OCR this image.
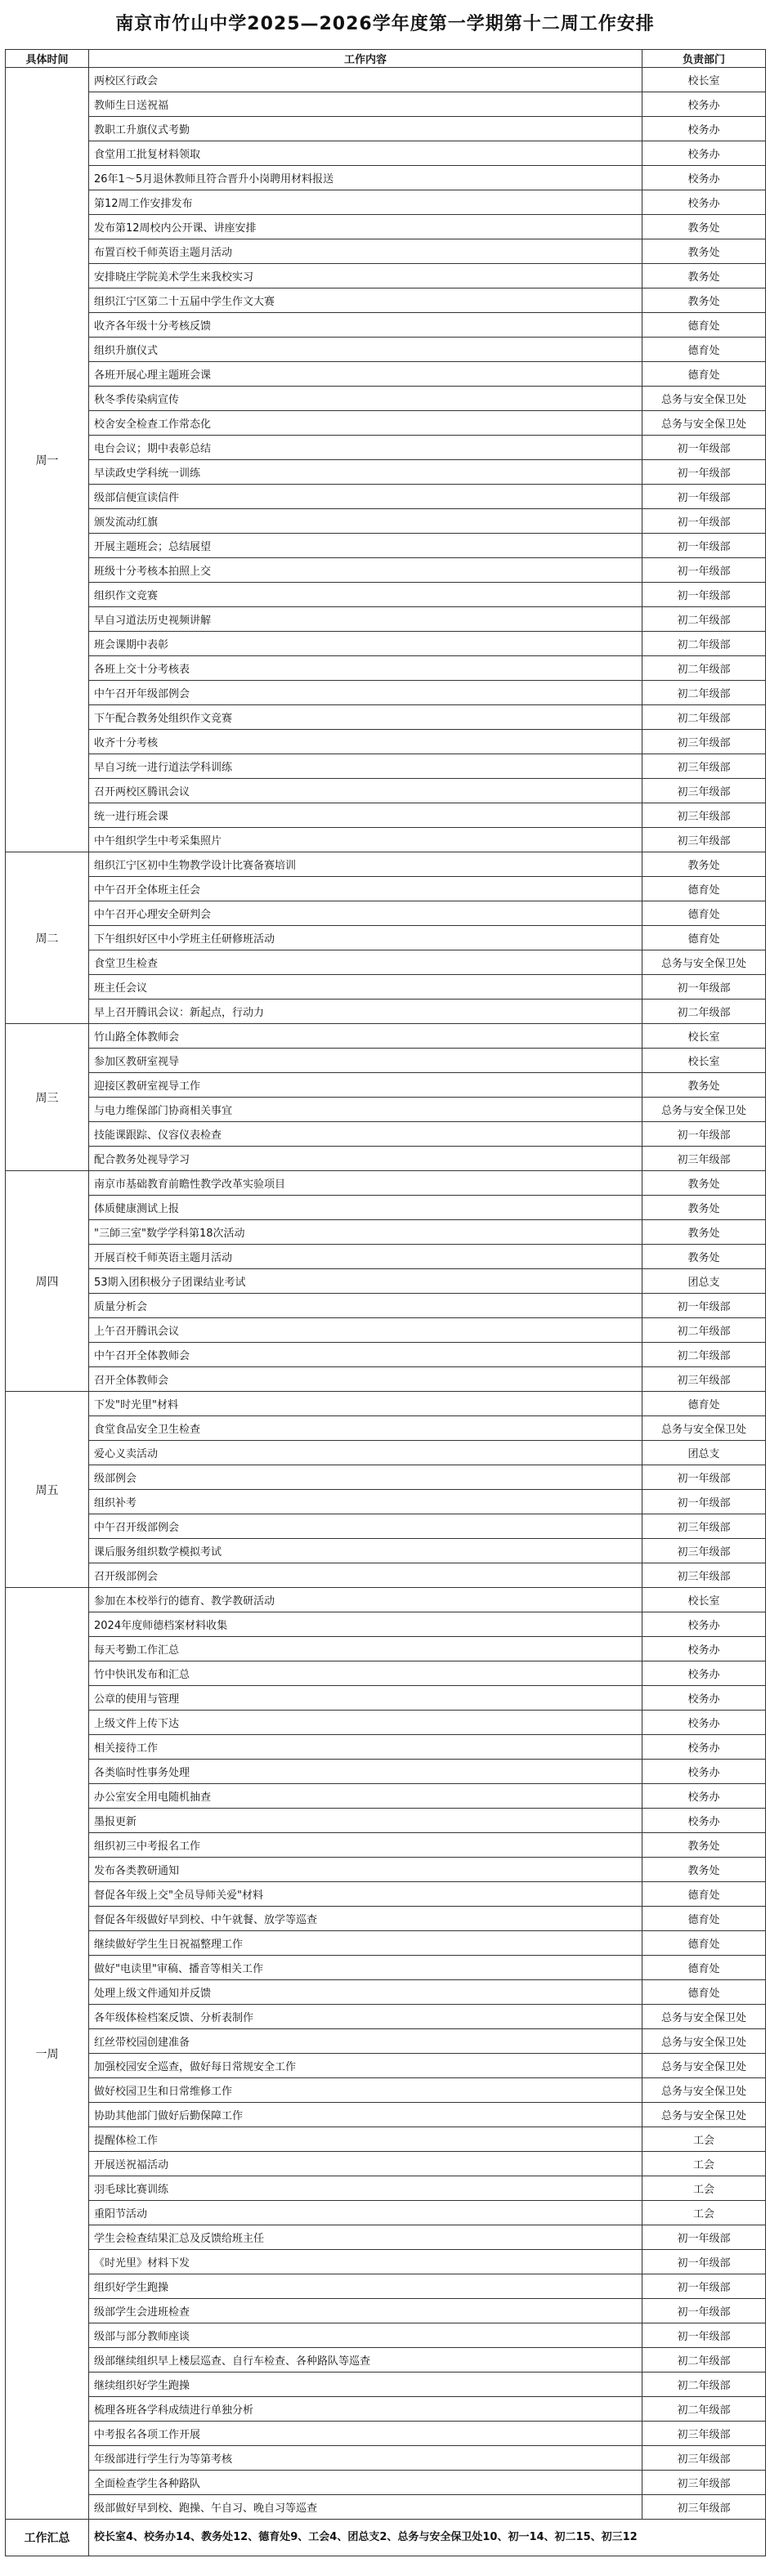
南京市竹山中学2025—2026学年度第一学期第十二周工作安排
具体时间	工作内容	负责部门
周一	两校区行政会	校长室
	教师生日送祝福	校务办
	教职工升旗仪式考勤	校务办
	食堂用工批复材料领取	校务办
	26年1～5月退休教师且符合晋升小岗聘用材料报送	校务办
	第12周工作安排发布	校务办
	发布第12周校内公开课、讲座安排	教务处
	布置百校千师英语主题月活动	教务处
	安排晓庄学院美术学生来我校实习	教务处
	组织江宁区第二十五届中学生作文大赛	教务处
	收齐各年级十分考核反馈	德育处
	组织升旗仪式	德育处
	各班开展心理主题班会课	德育处
	秋冬季传染病宣传	总务与安全保卫处
	校舍安全检查工作常态化	总务与安全保卫处
	电台会议；期中表彰总结	初一年级部
	早读政史学科统一训练	初一年级部
	级部信便宣读信件	初一年级部
	颁发流动红旗	初一年级部
	开展主题班会；总结展望	初一年级部
	班级十分考核本拍照上交	初一年级部
	组织作文竞赛	初一年级部
	早自习道法历史视频讲解	初二年级部
	班会课期中表彰	初二年级部
	各班上交十分考核表	初二年级部
	中午召开年级部例会	初二年级部
	下午配合教务处组织作文竞赛	初二年级部
	收齐十分考核	初三年级部
	早自习统一进行道法学科训练	初三年级部
	召开两校区腾讯会议	初三年级部
	统一进行班会课	初三年级部
	中午组织学生中考采集照片	初三年级部
周二	组织江宁区初中生物教学设计比赛备赛培训	教务处
	中午召开全体班主任会	德育处
	中午召开心理安全研判会	德育处
	下午组织好区中小学班主任研修班活动	德育处
	食堂卫生检查	总务与安全保卫处
	班主任会议	初一年级部
	早上召开腾讯会议：新起点，行动力	初二年级部
周三	竹山路全体教师会	校长室
	参加区教研室视导	校长室
	迎接区教研室视导工作	教务处
	与电力维保部门协商相关事宜	总务与安全保卫处
	技能课跟踪、仪容仪表检查	初一年级部
	配合教务处视导学习	初三年级部
周四	南京市基础教育前瞻性教学改革实验项目	教务处
	体质健康测试上报	教务处
	"三師三室"数学学科第18次活动	教务处
	开展百校千师英语主题月活动	教务处
	53期入团积极分子团课结业考试	团总支
	质量分析会	初一年级部
	上午召开腾讯会议	初二年级部
	中午召开全体教师会	初二年级部
	召开全体教师会	初三年级部
周五	下发"时光里"材料	德育处
	食堂食品安全卫生检查	总务与安全保卫处
	爱心义卖活动	团总支
	级部例会	初一年级部
	组织补考	初一年级部
	中午召开级部例会	初三年级部
	课后服务组织数学模拟考试	初三年级部
	召开级部例会	初三年级部
一周	参加在本校举行的德育、教学教研活动	校长室
	2024年度师德档案材料收集	校务办
	每天考勤工作汇总	校务办
	竹中快讯发布和汇总	校务办
	公章的使用与管理	校务办
	上级文件上传下达	校务办
	相关接待工作	校务办
	各类临时性事务处理	校务办
	办公室安全用电随机抽查	校务办
	墨报更新	校务办
	组织初三中考报名工作	教务处
	发布各类教研通知	教务处
	督促各年级上交"全员导师关爱"材料	德育处
	督促各年级做好早到校、中午就餐、放学等巡查	德育处
	继续做好学生生日祝福整理工作	德育处
	做好"电读里"审稿、播音等相关工作	德育处
	处理上级文件通知并反馈	德育处
	各年级体检档案反馈、分析表制作	总务与安全保卫处
	红丝带校园创建准备	总务与安全保卫处
	加强校园安全巡查，做好每日常规安全工作	总务与安全保卫处
	做好校园卫生和日常维修工作	总务与安全保卫处
	协助其他部门做好后勤保障工作	总务与安全保卫处
	提醒体检工作	工会
	开展送祝福活动	工会
	羽毛球比赛训练	工会
	重阳节活动	工会
	学生会检查结果汇总及反馈给班主任	初一年级部
	《时光里》材料下发	初一年级部
	组织好学生跑操	初一年级部
	级部学生会进班检查	初一年级部
	级部与部分教师座谈	初一年级部
	级部继续组织早上楼层巡查、自行车检查、各种路队等巡查	初二年级部
	继续组织好学生跑操	初二年级部
	梳理各班各学科成绩进行单独分析	初二年级部
	中考报名各项工作开展	初三年级部
	年级部进行学生行为等第考核	初三年级部
	全面检查学生各种路队	初三年级部
	级部做好早到校、跑操、午自习、晚自习等巡查	初三年级部
工作汇总	校长室4、校务办14、教务处12、德育处9、工会4、团总支2、总务与安全保卫处10、初一14、初二15、初三12	
